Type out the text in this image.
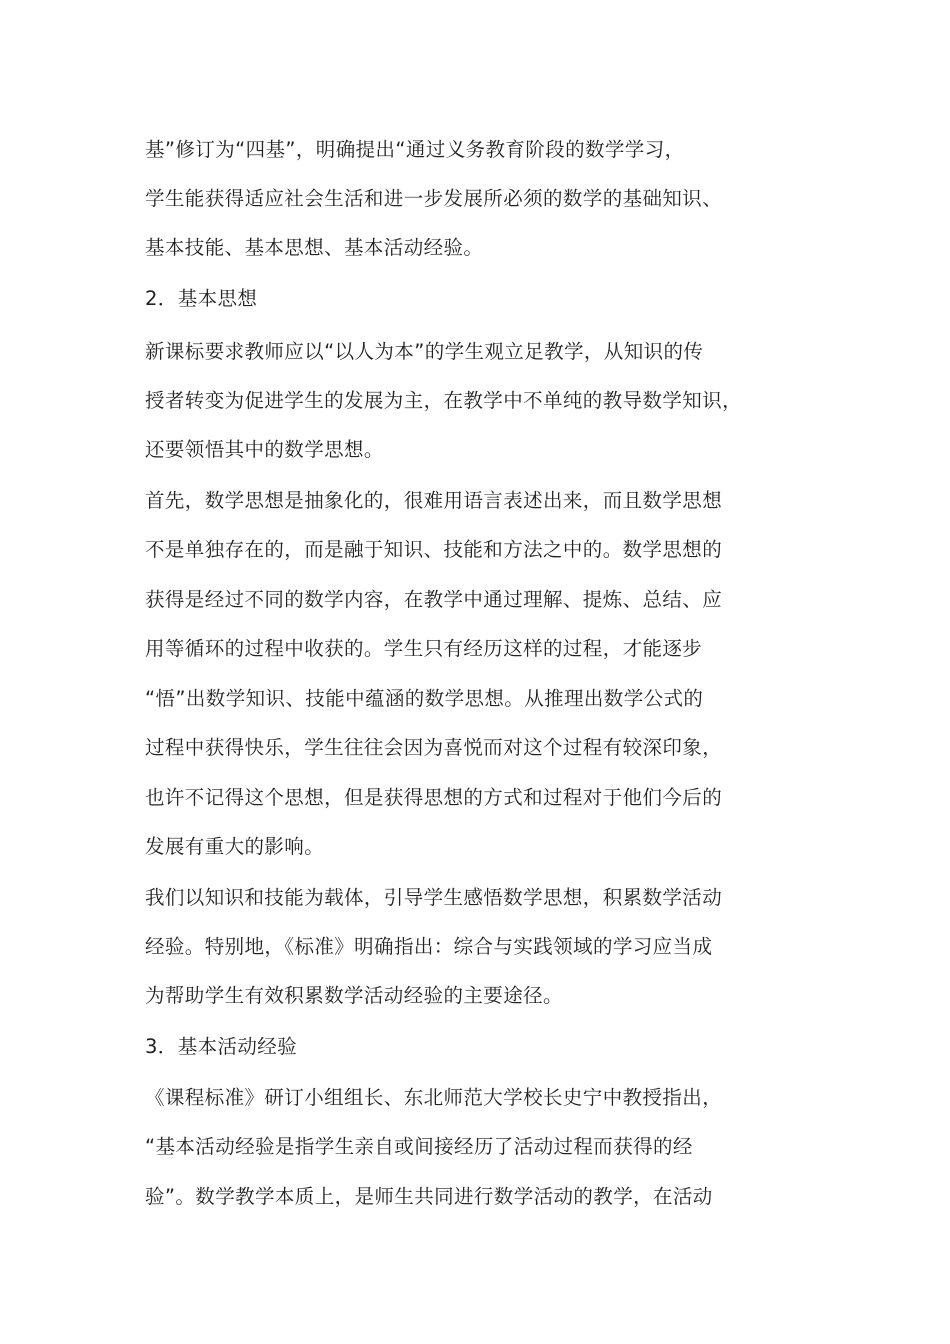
基”修订为“四基”，明确提出“通过义务教育阶段的数学学习，
学生能获得适应社会生活和进一步发展所必须的数学的基础知识、
基本技能、基本思想、基本活动经验。
2．基本思想
新课标要求教师应以“以人为本”的学生观立足教学，从知识的传
授者转变为促进学生的发展为主，在教学中不单纯的教导数学知识，
还要领悟其中的数学思想。
首先，数学思想是抽象化的，很难用语言表述出来，而且数学思想
不是单独存在的，而是融于知识、技能和方法之中的。数学思想的
获得是经过不同的数学内容，在教学中通过理解、提炼、总结、应
用等循环的过程中收获的。学生只有经历这样的过程，才能逐步
“悟”出数学知识、技能中蕴涵的数学思想。从推理出数学公式的
过程中获得快乐，学生往往会因为喜悦而对这个过程有较深印象，
也许不记得这个思想，但是获得思想的方式和过程对于他们今后的
发展有重大的影响。
我们以知识和技能为载体，引导学生感悟数学思想，积累数学活动
经验。特别地，《标准》明确指出：综合与实践领域的学习应当成
为帮助学生有效积累数学活动经验的主要途径。
3．基本活动经验
《课程标准》研订小组组长、东北师范大学校长史宁中教授指出，
“基本活动经验是指学生亲自或间接经历了活动过程而获得的经
验”。数学教学本质上，是师生共同进行数学活动的教学，在活动
